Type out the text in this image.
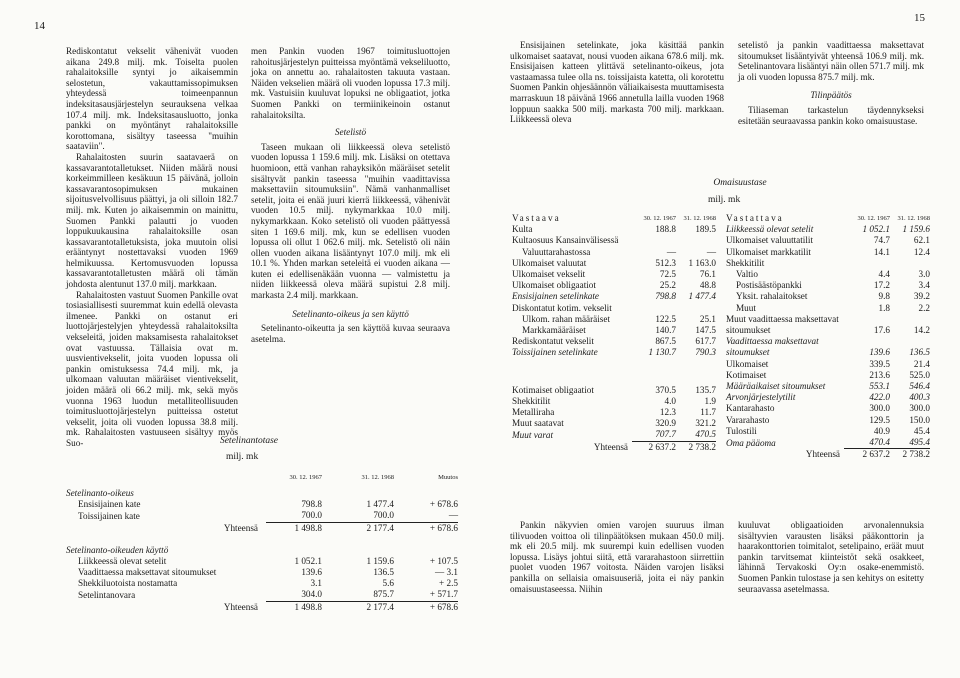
14
15

Rediskontatut vekselit vähenivät vuoden aikana 249.8 milj. mk. Toiselta puolen rahalaitoksille syntyi jo aikaisemmin selostetun, vakauttamissopimuksen yhteydessä toimeenpannun indeksitasausjärjestelyn seurauksena velkaa 107.4 milj. mk. Indeksitasausluotto, jonka pankki on myöntänyt rahalaitoksille korottomana, sisältyy taseessa "muihin saataviin".

Rahalaitosten suurin saatavaerä on kassavarantotalletukset. Niiden määrä nousi korkeimmilleen kesäkuun 15 päivänä, jolloin kassavarantosopimuksen mukainen sijoitusvelvollisuus päättyi, ja oli silloin 182.7 milj. mk. Kuten jo aikaisemmin on mainittu, Suomen Pankki palautti jo vuoden loppukuukausina rahalaitoksille osan kassavarantotalletuksista, joka muutoin olisi erääntynyt nostettavaksi vuoden 1969 helmikuussa. Kertomusvuoden lopussa kassavarantotalletusten määrä oli tämän johdosta alentunut 137.0 milj. markkaan.

Rahalaitosten vastuut Suomen Pankille ovat tosiasiallisesti suuremmat kuin edellä olevasta ilmenee. Pankki on ostanut eri luottojärjestelyjen yhteydessä rahalaitoksilta vekseleitä, joiden maksamisesta rahalaitokset ovat vastuussa. Tällaisia ovat m. uusvientivekselit, joita vuoden lopussa oli pankin omistuksessa 74.4 milj. mk, ja ulkomaan valuutan määräiset vientivekselit, joiden määrä oli 66.2 milj. mk, sekä myös vuonna 1963 luodun metalliteollisuuden toimitusluottojärjestelyn puitteissa ostetut vekselit, joita oli vuoden lopussa 38.8 milj. mk. Rahalaitosten vastuuseen sisältyy myös Suo-

men Pankin vuoden 1967 toimitusluottojen rahoitusjärjestelyn puitteissa myöntämä vekseliluotto, joka on annettu ao. rahalaitosten takuuta vastaan. Näiden vekselien määrä oli vuoden lopussa 17.3 milj. mk. Vastuisiin kuuluvat lopuksi ne obligaatiot, jotka Suomen Pankki on termiinikeinoin ostanut rahalaitoksilta.

Setelistö

Taseen mukaan oli liikkeessä oleva setelistö vuoden lopussa 1 159.6 milj. mk. Lisäksi on otettava huomioon, että vanhan rahayksikön määräiset setelit sisältyvät pankin taseessa "muihin vaadittavissa maksettaviin sitoumuksiin". Nämä vanhanmalliset setelit, joita ei enää juuri kierrä liikkeessä, vähenivät vuoden 10.5 milj. nykymarkkaa 10.0 milj. nykymarkkaan. Koko setelistö oli vuoden päättyessä siten 1 169.6 milj. mk, kun se edellisen vuoden lopussa oli ollut 1 062.6 milj. mk. Setelistö oli näin ollen vuoden aikana lisääntynyt 107.0 milj. mk eli 10.1 %. Yhden markan seteleitä ei vuoden aikana — kuten ei edellisenäkään vuonna — valmistettu ja niiden liikkeessä oleva määrä supistui 2.8 milj. markasta 2.4 milj. markkaan.

Setelinanto-oikeus ja sen käyttö

Setelinanto-oikeutta ja sen käyttöä kuvaa seuraava asetelma.

Setelinantotase
milj. mk
	30. 12. 1967	31. 12. 1968	Muutos
Setelinanto-oikeus			
Ensisijainen kate	798.8	1 477.4	+ 678.6
Toissijainen kate	700.0	700.0	—
Yhteensä	1 498.8	2 177.4	+ 678.6
Setelinanto-oikeuden käyttö			
Liikkeessä olevat setelit	1 052.1	1 159.6	+ 107.5
Vaadittaessa maksettavat sitoumukset	139.6	136.5	— 3.1
Shekkiluotoista nostamatta	3.1	5.6	+ 2.5
Setelintanovara	304.0	875.7	+ 571.7
Yhteensä	1 498.8	2 177.4	+ 678.6

Ensisijainen setelinkate, joka käsittää pankin ulkomaiset saatavat, nousi vuoden aikana 678.6 milj. mk. Ensisijaisen katteen ylittävä setelinanto-oikeus, jota vastaamassa tulee olla ns. toissijaista katetta, oli korotettu Suomen Pankin ohjesäännön väliaikaisesta muuttamisesta marraskuun 18 päivänä 1966 annetulla lailla vuoden 1968 loppuun saakka 500 milj. markasta 700 milj. markkaan. Liikkeessä oleva

setelistö ja pankin vaadittaessa maksettavat sitoumukset lisääntyivät yhteensä 106.9 milj. mk. Setelinantovara lisääntyi näin ollen 571.7 milj. mk ja oli vuoden lopussa 875.7 milj. mk.

Tilinpäätös

Tiliaseman tarkastelun täydennykseksi esitetään seuraavassa pankin koko omaisuustase.

Omaisuustase
milj. mk
Vastaava	30. 12. 1967	31. 12. 1968
Kulta	188.8	189.5
Kultaosuus Kansainvälisessä		
Valuuttarahastossa	—	—
Ulkomaiset valuutat	512.3	1 163.0
Ulkomaiset vekselit	72.5	76.1
Ulkomaiset obligaatiot	25.2	48.8
Ensisijainen setelinkate	798.8	1 477.4
Diskontatut kotim. vekselit		
Ulkom. rahan määräiset	122.5	25.1
Markkamääräiset	140.7	147.5
Rediskontatut vekselit	867.5	617.7
Toissijainen setelinkate	1 130.7	790.3

Kotimaiset obligaatiot	370.5	135.7
Shekkitilit	4.0	1.9
Metalliraha	12.3	11.7
Muut saatavat	320.9	321.2
Muut varat	707.7	470.5
Yhteensä	2 637.2	2 738.2
Vastattava	30. 12. 1967	31. 12. 1968
Liikkeessä olevat setelit	1 052.1	1 159.6
Ulkomaiset valuuttatilit	74.7	62.1
Ulkomaiset markkatilit	14.1	12.4
Shekkitilit		
Valtio	4.4	3.0
Postisäästöpankki	17.2	3.4
Yksit. rahalaitokset	9.8	39.2
Muut	1.8	2.2
Muut vaadittaessa maksettavat sitoumukset	17.6	14.2
Vaadittaessa maksettavat sitoumukset	139.6	136.5
Ulkomaiset	339.5	21.4
Kotimaiset	213.6	525.0
Määräaikaiset sitoumukset	553.1	546.4
Arvonjärjestelytilit	422.0	400.3
Kantarahasto	300.0	300.0
Vararahasto	129.5	150.0
Tulostili	40.9	45.4
Oma pääoma	470.4	495.4
Yhteensä	2 637.2	2 738.2

Pankin näkyvien omien varojen suuruus ilman tilivuoden voittoa oli tilinpäätöksen mukaan 450.0 milj. mk eli 20.5 milj. mk suurempi kuin edellisen vuoden lopussa. Lisäys johtui siitä, että vararahastoon siirrettiin puolet vuoden 1967 voitosta. Näiden varojen lisäksi pankilla on sellaisia omaisuuseriä, joita ei näy pankin omaisuustaseessa. Niihin

kuuluvat obligaatioiden arvonalennuksia sisältyvien varausten lisäksi pääkonttorin ja haarakonttorien toimitalot, setelipaino, eräät muut pankin tarvitsemat kiinteistöt sekä osakkeet, lähinnä Tervakoski Oy:n osake-enemmistö. Suomen Pankin tulostase ja sen kehitys on esitetty seuraavassa asetelmassa.
